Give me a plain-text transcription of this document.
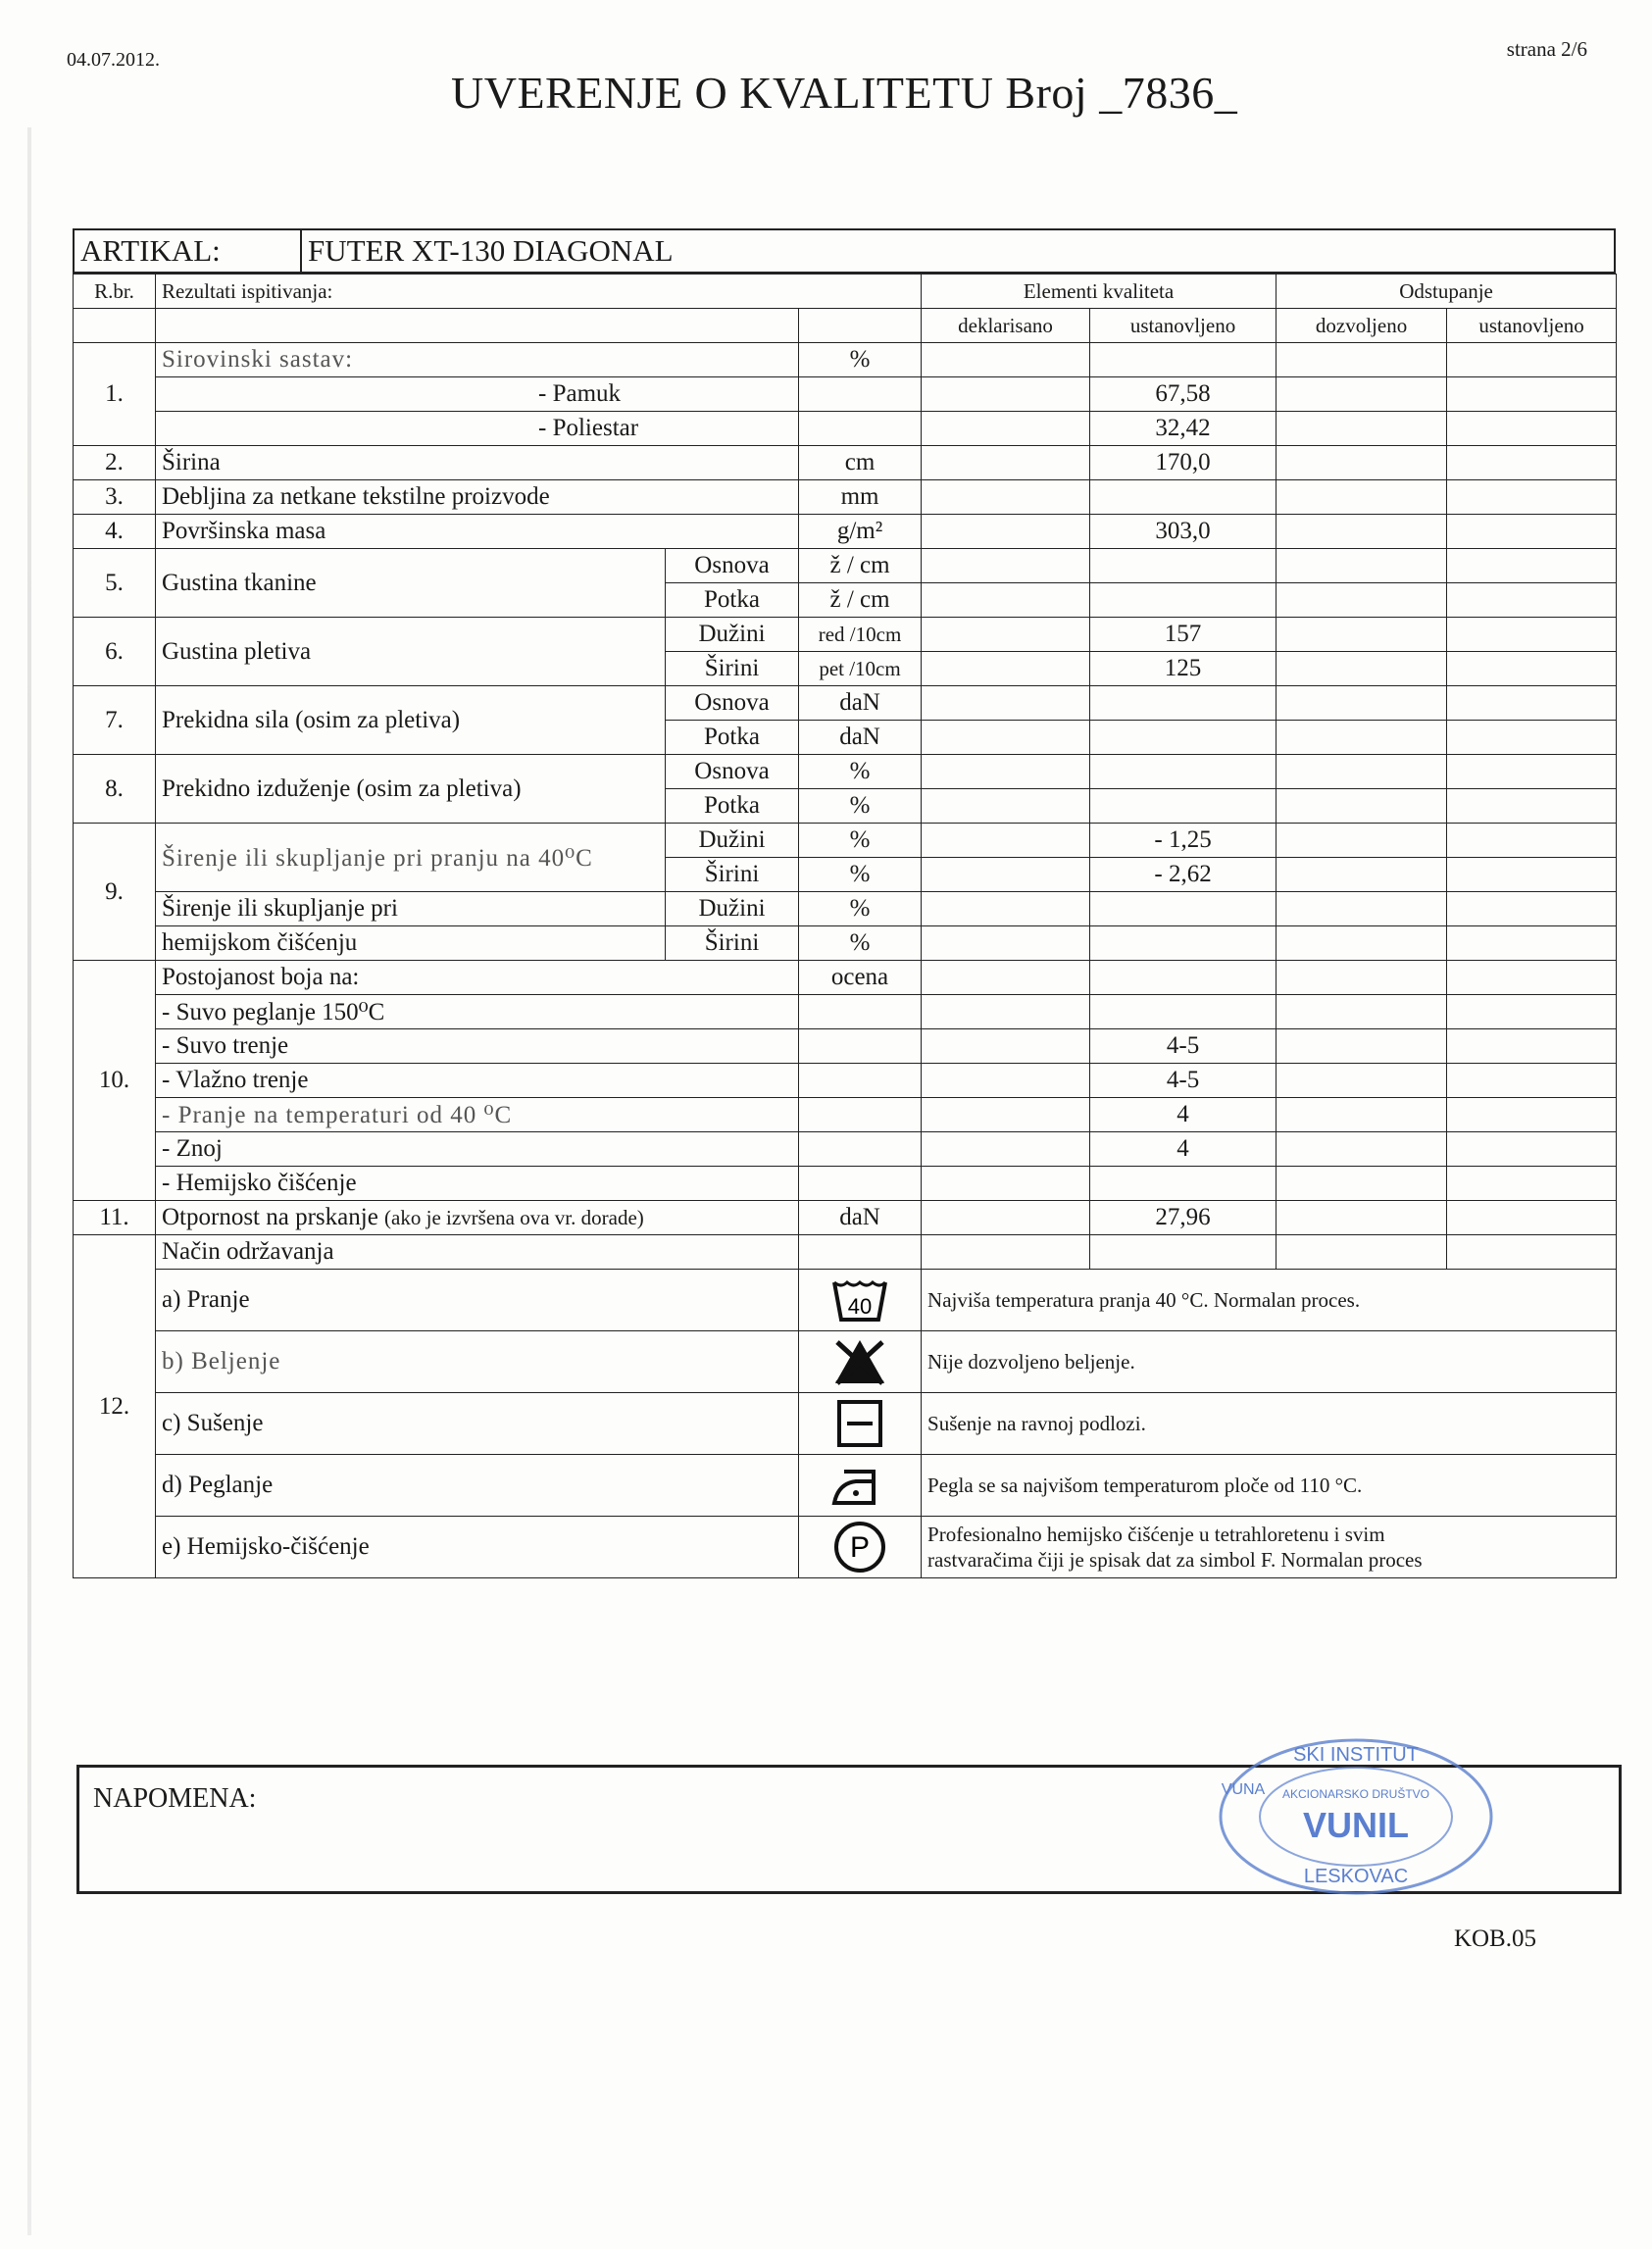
04.07.2012.	strana 2/6
UVERENJE O KVALITETU Broj _7836_
ARTIKAL:	FUTER XT-130 DIAGONAL
R.br.	Rezultati ispitivanja:			Elementi kvaliteta		Odstupanje	
				deklarisano	ustanovljeno	dozvoljeno	ustanovljeno
1.	Sirovinski sastav:		%				
	- Pamuk				67,58		
	- Poliestar				32,42		
2.	Širina		cm		170,0		
3.	Debljina za netkane tekstilne proizvode		mm				
4.	Površinska masa		g/m²		303,0		
5.	Gustina tkanine	Osnova	ž / cm				
		Potka	ž / cm				
6.	Gustina pletiva	Dužini	red /10cm		157		
		Širini	pet /10cm		125		
7.	Prekidna sila (osim za pletiva)	Osnova	daN				
		Potka	daN				
8.	Prekidno izduženje (osim za pletiva)	Osnova	%				
		Potka	%				
9.	Širenje ili skupljanje pri pranju na 40⁰C	Dužini	%		- 1,25		
		Širini	%		- 2,62		
	Širenje ili skupljanje pri	Dužini	%				
	hemijskom čišćenju	Širini	%				
10.	Postojanost boja na:		ocena				
	- Suvo peglanje 150⁰C						
	- Suvo trenje				4-5		
	- Vlažno trenje				4-5		
	- Pranje na temperaturi od 40 ⁰C				4		
	- Znoj				4		
	- Hemijsko čišćenje						
11.	Otpornost na prskanje (ako je izvršena ova vr. dorade)		daN		27,96		
12.	Način održavanja						
	a) Pranje		40	Najviša temperatura pranja 40 °C. Normalan proces.			
	b) Beljenje			Nije dozvoljeno beljenje.			
	c) Sušenje			Sušenje na ravnoj podlozi.			
	d) Peglanje			Pegla se sa najvišom temperaturom ploče od 110 °C.			
	e) Hemijsko-čišćenje		P	Profesionalno hemijsko čišćenje u tetrahloretenu i svim
rastvaračima čiji je spisak dat za simbol F. Normalan proces			
NAPOMENA:
SKI INSTITUT
VUNA AKCIONARSKO DRUŠTVO
VUNIL
LESKOVAC
KOB.05
